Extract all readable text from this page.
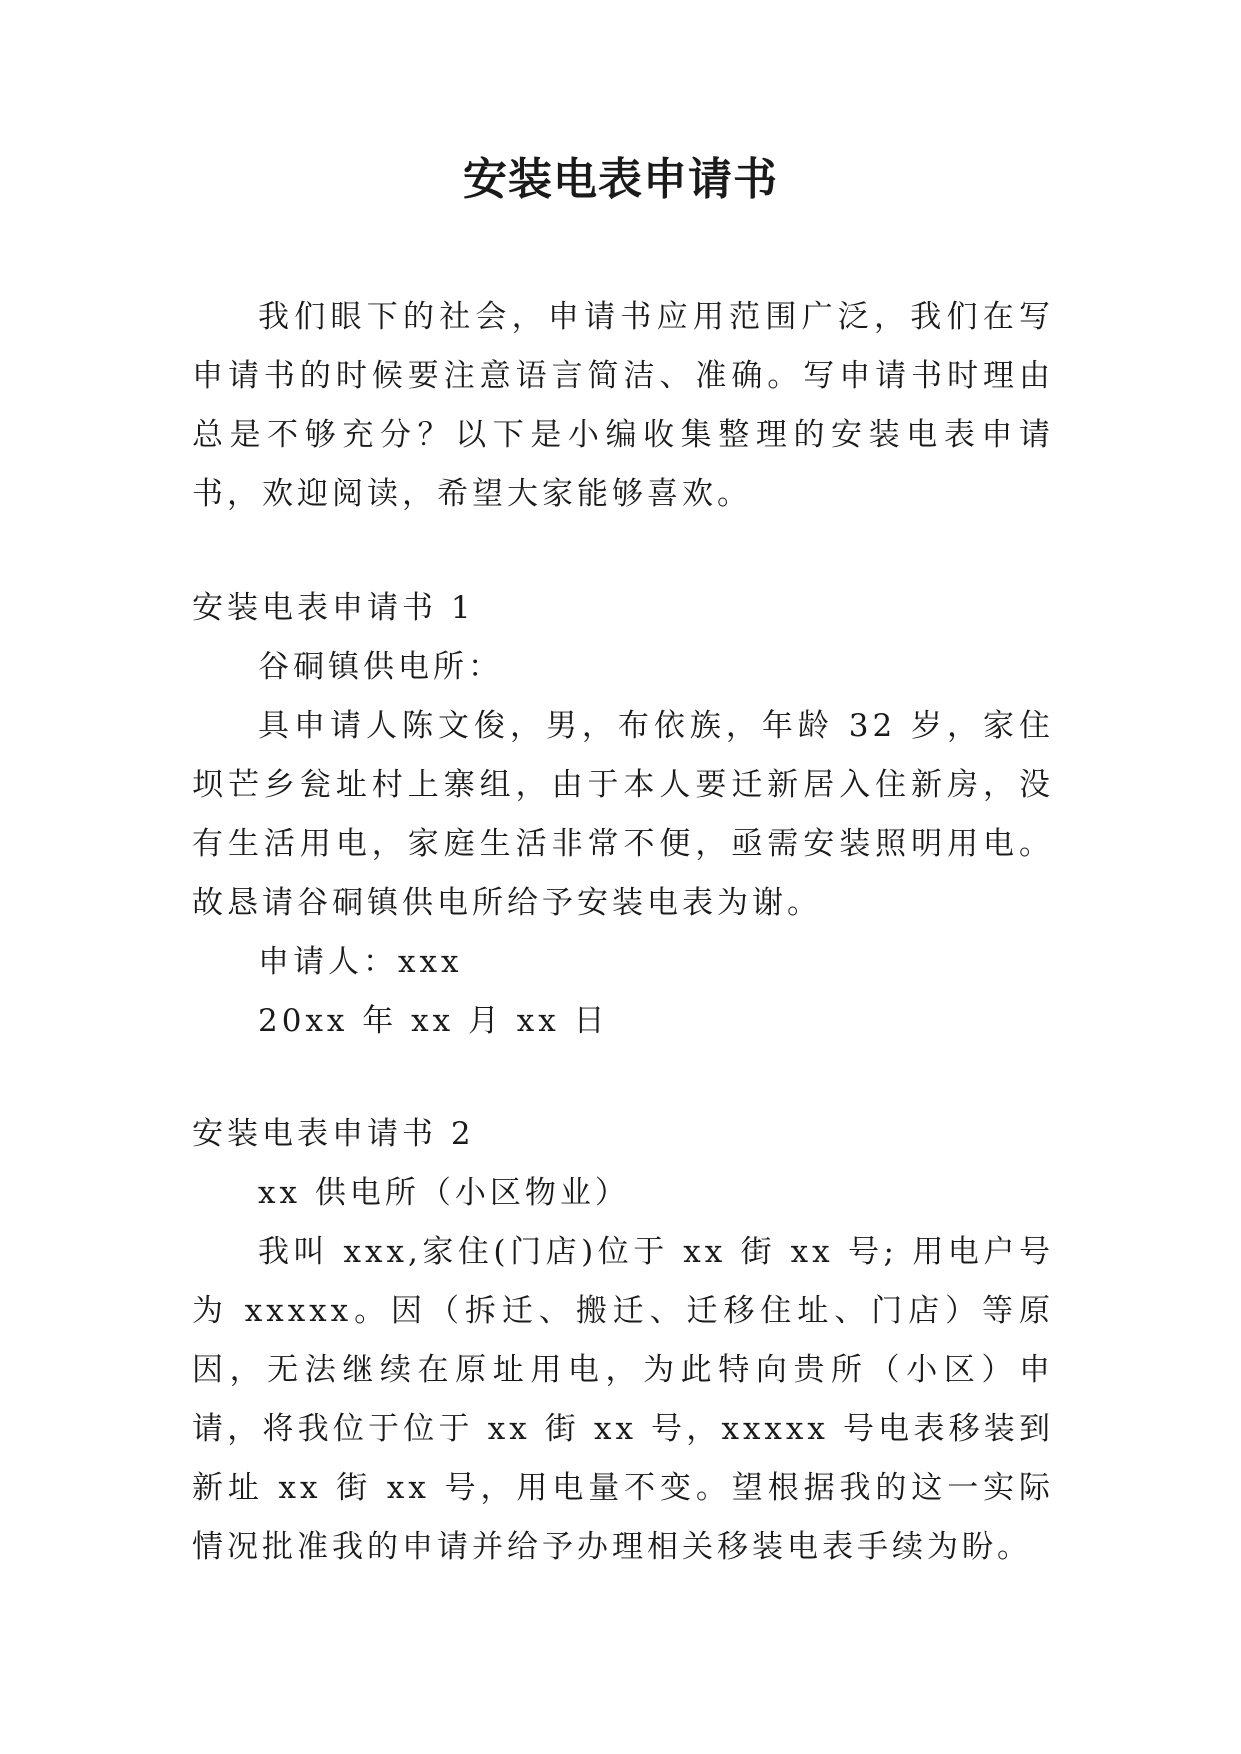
安装电表申请书

我们眼下的社会，申请书应用范围广泛，我们在写申请书的时候要注意语言简洁、准确。写申请书时理由总是不够充分？以下是小编收集整理的安装电表申请书，欢迎阅读，希望大家能够喜欢。

安装电表申请书 1

谷硐镇供电所：

具申请人陈文俊，男，布依族，年龄 32 岁，家住坝芒乡瓮址村上寨组，由于本人要迁新居入住新房，没有生活用电，家庭生活非常不便，亟需安装照明用电。故恳请谷硐镇供电所给予安装电表为谢。

申请人：xxx

20xx 年 xx 月 xx 日

安装电表申请书 2

xx 供电所（小区物业）

我叫 xxx,家住(门店)位于 xx 街 xx 号; 用电户号为 xxxxx。因（拆迁、搬迁、迁移住址、门店）等原因，无法继续在原址用电，为此特向贵所（小区）申请，将我位于位于 xx 街 xx 号，xxxxx 号电表移装到新址 xx 街 xx 号，用电量不变。望根据我的这一实际情况批准我的申请并给予办理相关移装电表手续为盼。
